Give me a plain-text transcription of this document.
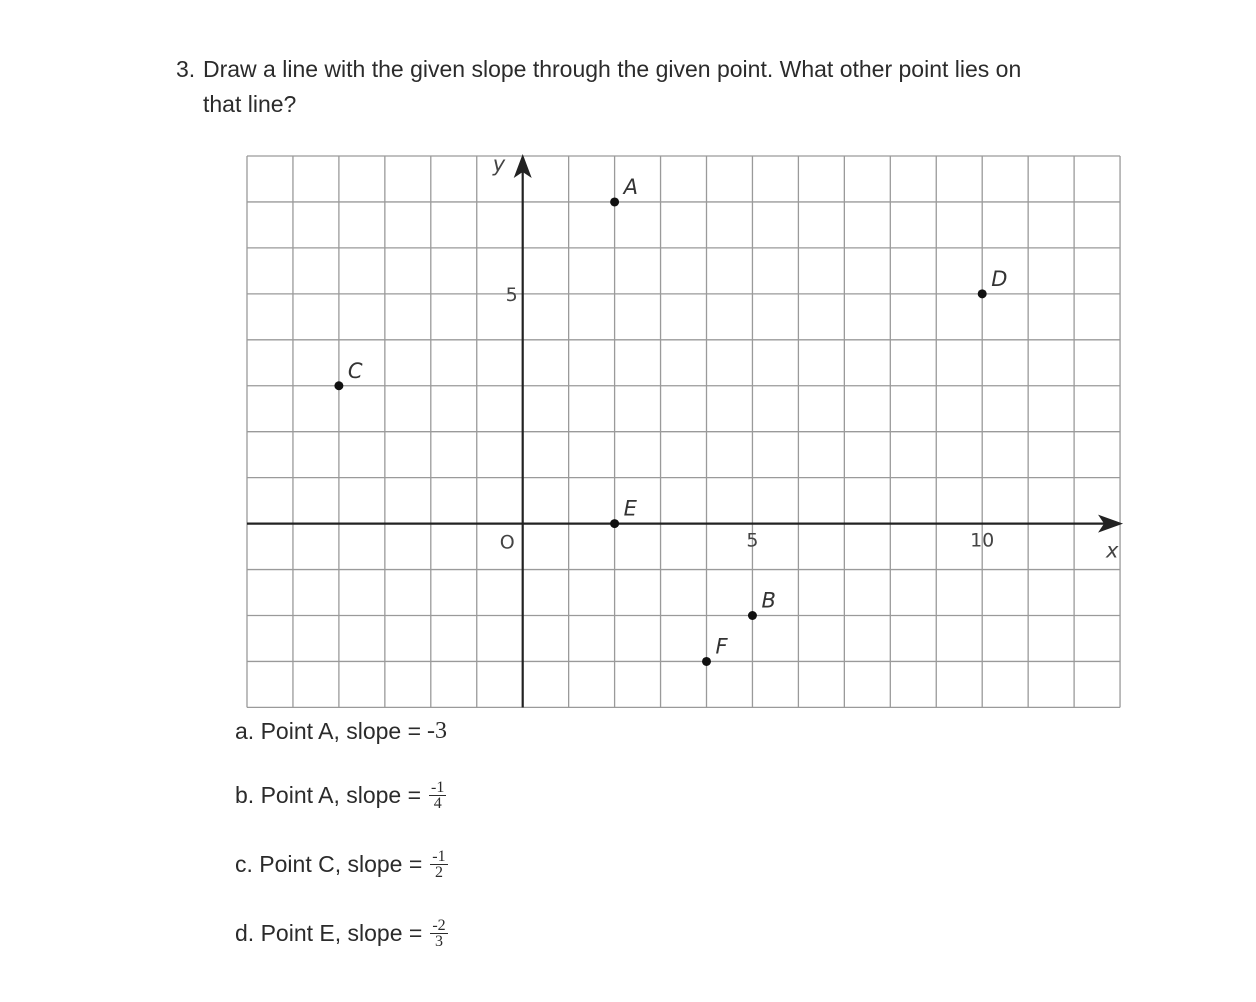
3. Draw a line with the given slope through the given point. What other point lies on
that line?
5	10
5
O	x
y
A
B
C
D
E
F
a. Point A, slope = -3
b. Point A, slope = $\frac{-1}{4}$
c. Point C, slope = $\frac{-1}{2}$
d. Point E, slope = $\frac{-2}{3}$
